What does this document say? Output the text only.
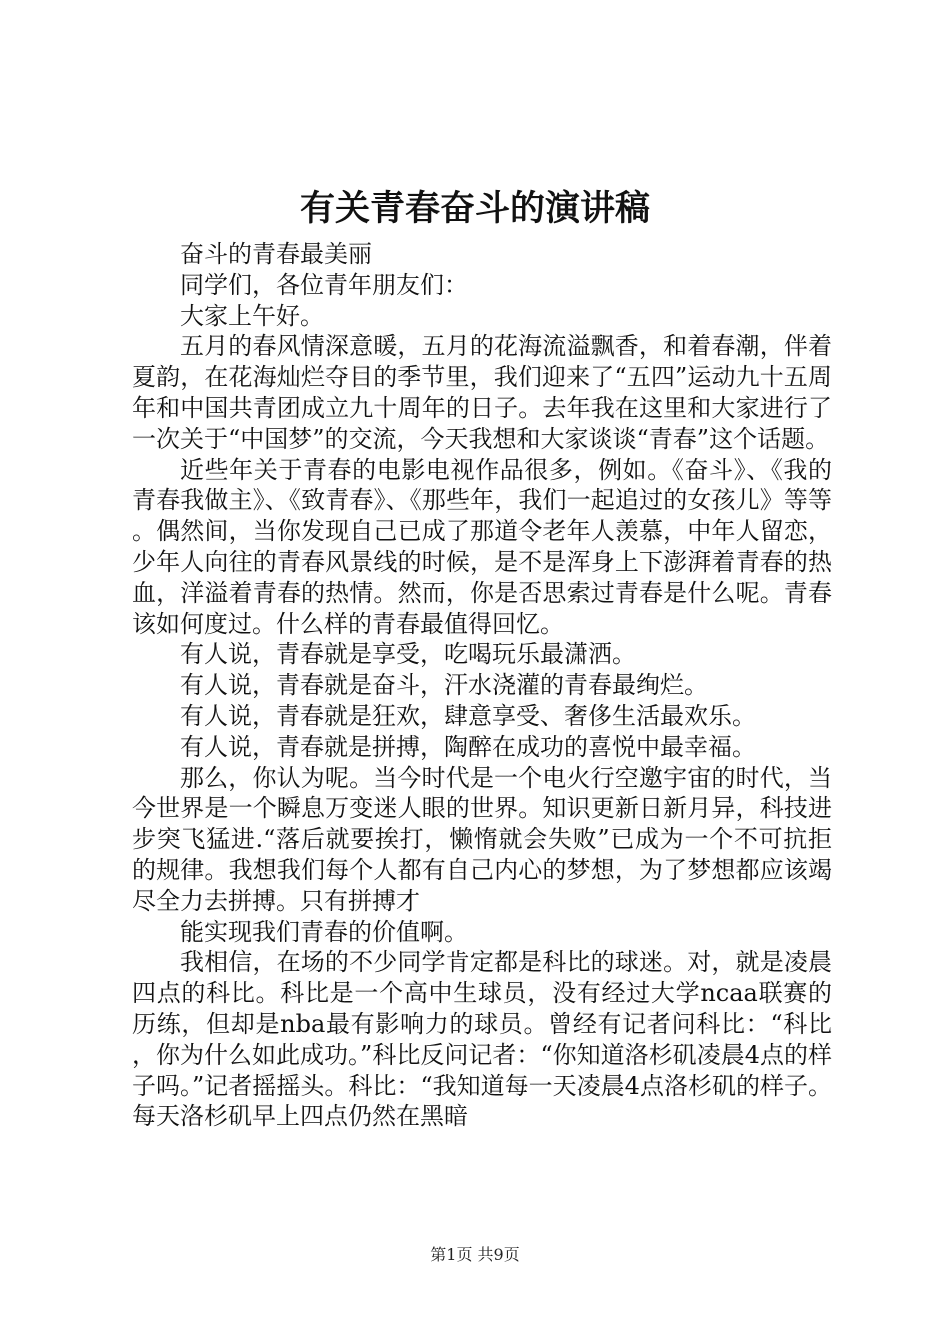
有关青春奋斗的演讲稿

奋斗的青春最美丽

同学们，各位青年朋友们：

大家上午好。

五月的春风情深意暖，五月的花海流溢飘香，和着春潮，伴着夏韵，在花海灿烂夺目的季节里，我们迎来了“五四”运动九十五周年和中国共青团成立九十周年的日子。去年我在这里和大家进行了一次关于“中国梦”的交流，今天我想和大家谈谈“青春”这个话题。

近些年关于青春的电影电视作品很多，例如。《奋斗》、《我的青春我做主》、《致青春》、《那些年，我们一起追过的女孩儿》等等。偶然间，当你发现自己已成了那道令老年人羡慕，中年人留恋，少年人向往的青春风景线的时候，是不是浑身上下澎湃着青春的热血，洋溢着青春的热情。然而，你是否思索过青春是什么呢。青春该如何度过。什么样的青春最值得回忆。

有人说，青春就是享受，吃喝玩乐最潇洒。

有人说，青春就是奋斗，汗水浇灌的青春最绚烂。

有人说，青春就是狂欢，肆意享受、奢侈生活最欢乐。

有人说，青春就是拼搏，陶醉在成功的喜悦中最幸福。

那么，你认为呢。当今时代是一个电火行空邀宇宙的时代，当今世界是一个瞬息万变迷人眼的世界。知识更新日新月异，科技进步突飞猛进.“落后就要挨打，懒惰就会失败”已成为一个不可抗拒的规律。我想我们每个人都有自己内心的梦想，为了梦想都应该竭尽全力去拼搏。只有拼搏才

能实现我们青春的价值啊。

我相信，在场的不少同学肯定都是科比的球迷。对，就是凌晨四点的科比。科比是一个高中生球员，没有经过大学ncaa联赛的历练，但却是nba最有影响力的球员。曾经有记者问科比：“科比，你为什么如此成功。”科比反问记者：“你知道洛杉矶凌晨4点的样子吗。”记者摇摇头。科比：“我知道每一天凌晨4点洛杉矶的样子。每天洛杉矶早上四点仍然在黑暗

第1页 共9页
